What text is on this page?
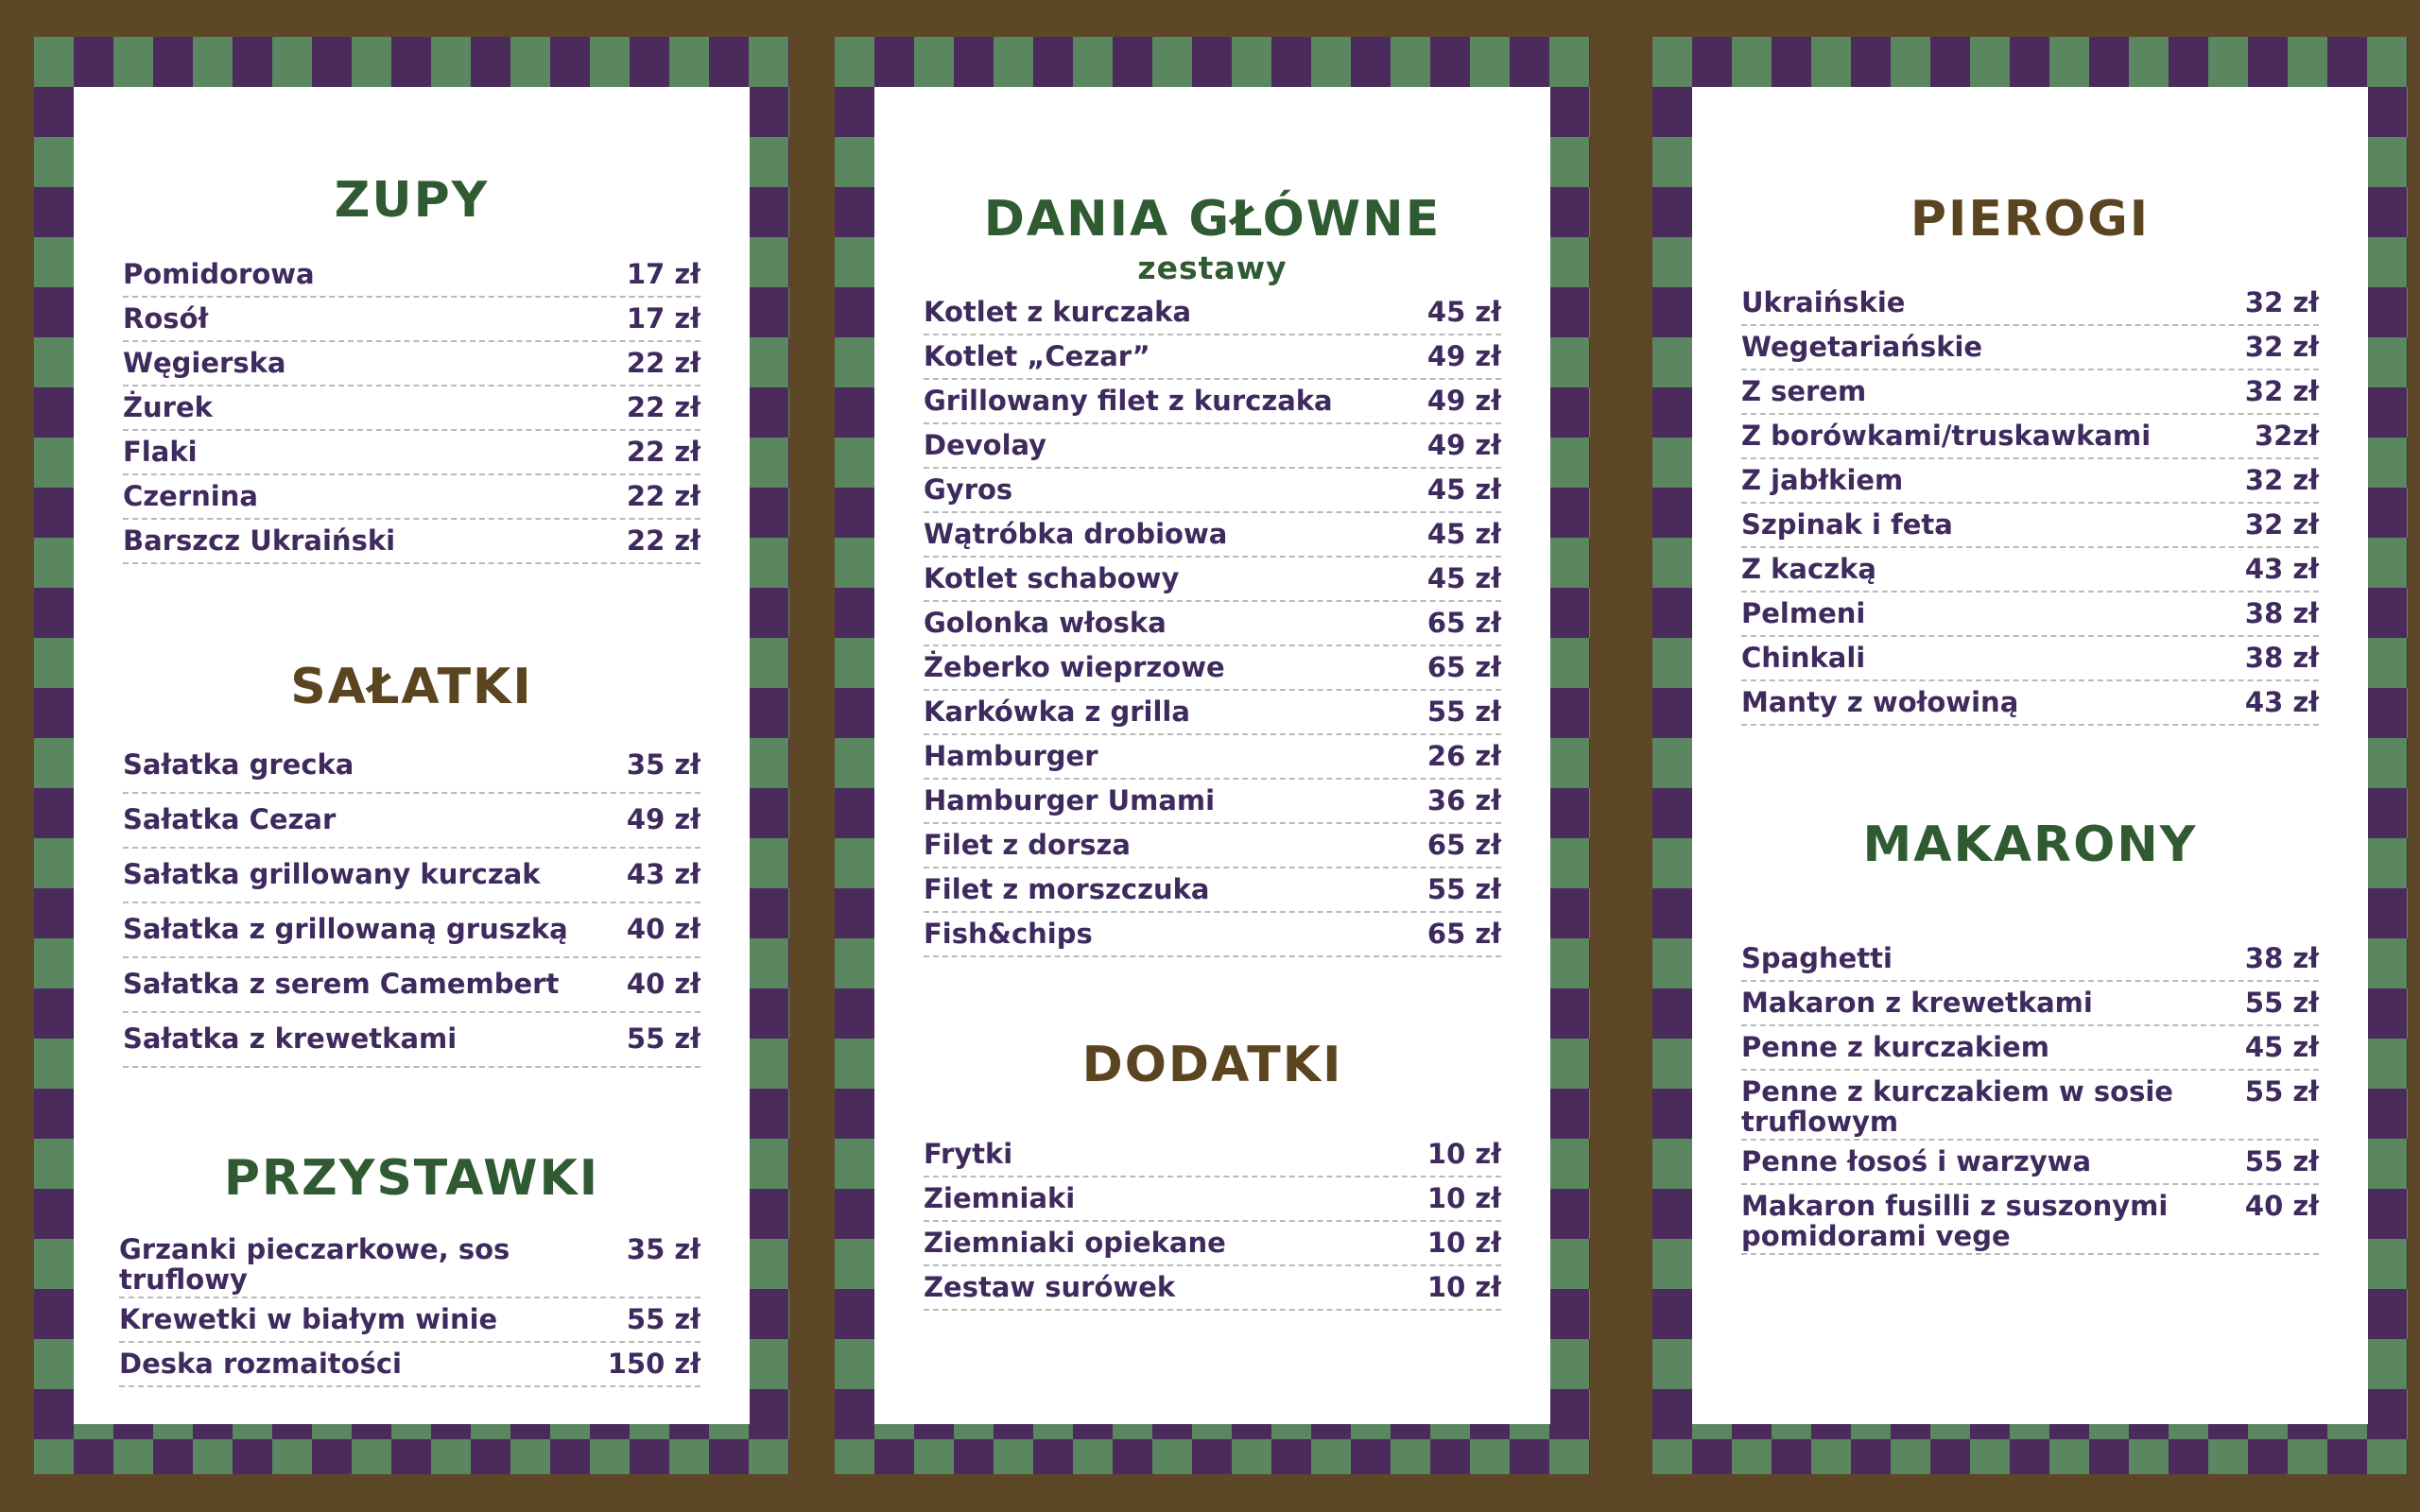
ZUPY
Pomidorowa	17 zł
Rosół	17 zł
Węgierska	22 zł
Żurek	22 zł
Flaki	22 zł
Czernina	22 zł
Barszcz Ukraiński	22 zł
SAŁATKI
Sałatka grecka	35 zł
Sałatka Cezar	49 zł
Sałatka grillowany kurczak	43 zł
Sałatka z grillowaną gruszką	40 zł
Sałatka z serem Camembert	40 zł
Sałatka z krewetkami	55 zł
PRZYSTAWKI
Grzanki pieczarkowe, sos truflowy
35 zł
Krewetki w białym winie	55 zł
Deska rozmaitości	150 zł
DANIA GŁÓWNE
zestawy
Kotlet z kurczaka	45 zł
Kotlet „Cezar”	49 zł
Grillowany filet z kurczaka	49 zł
Devolay	49 zł
Gyros	45 zł
Wątróbka drobiowa	45 zł
Kotlet schabowy	45 zł
Golonka włoska	65 zł
Żeberko wieprzowe	65 zł
Karkówka z grilla	55 zł
Hamburger	26 zł
Hamburger Umami	36 zł
Filet z dorsza	65 zł
Filet z morszczuka	55 zł
Fish&chips	65 zł
DODATKI
Frytki	10 zł
Ziemniaki	10 zł
Ziemniaki opiekane	10 zł
Zestaw surówek	10 zł
PIEROGI
Ukraińskie	32 zł
Wegetariańskie	32 zł
Z serem	32 zł
Z borówkami/truskawkami	32zł
Z jabłkiem	32 zł
Szpinak i feta	32 zł
Z kaczką	43 zł
Pelmeni	38 zł
Chinkali	38 zł
Manty z wołowiną	43 zł
MAKARONY
Spaghetti	38 zł
Makaron z krewetkami	55 zł
Penne z kurczakiem	45 zł
Penne z kurczakiem w sosie truflowym
55 zł
Penne łosoś i warzywa	55 zł
Makaron fusilli z suszonymi pomidorami vege
40 zł
